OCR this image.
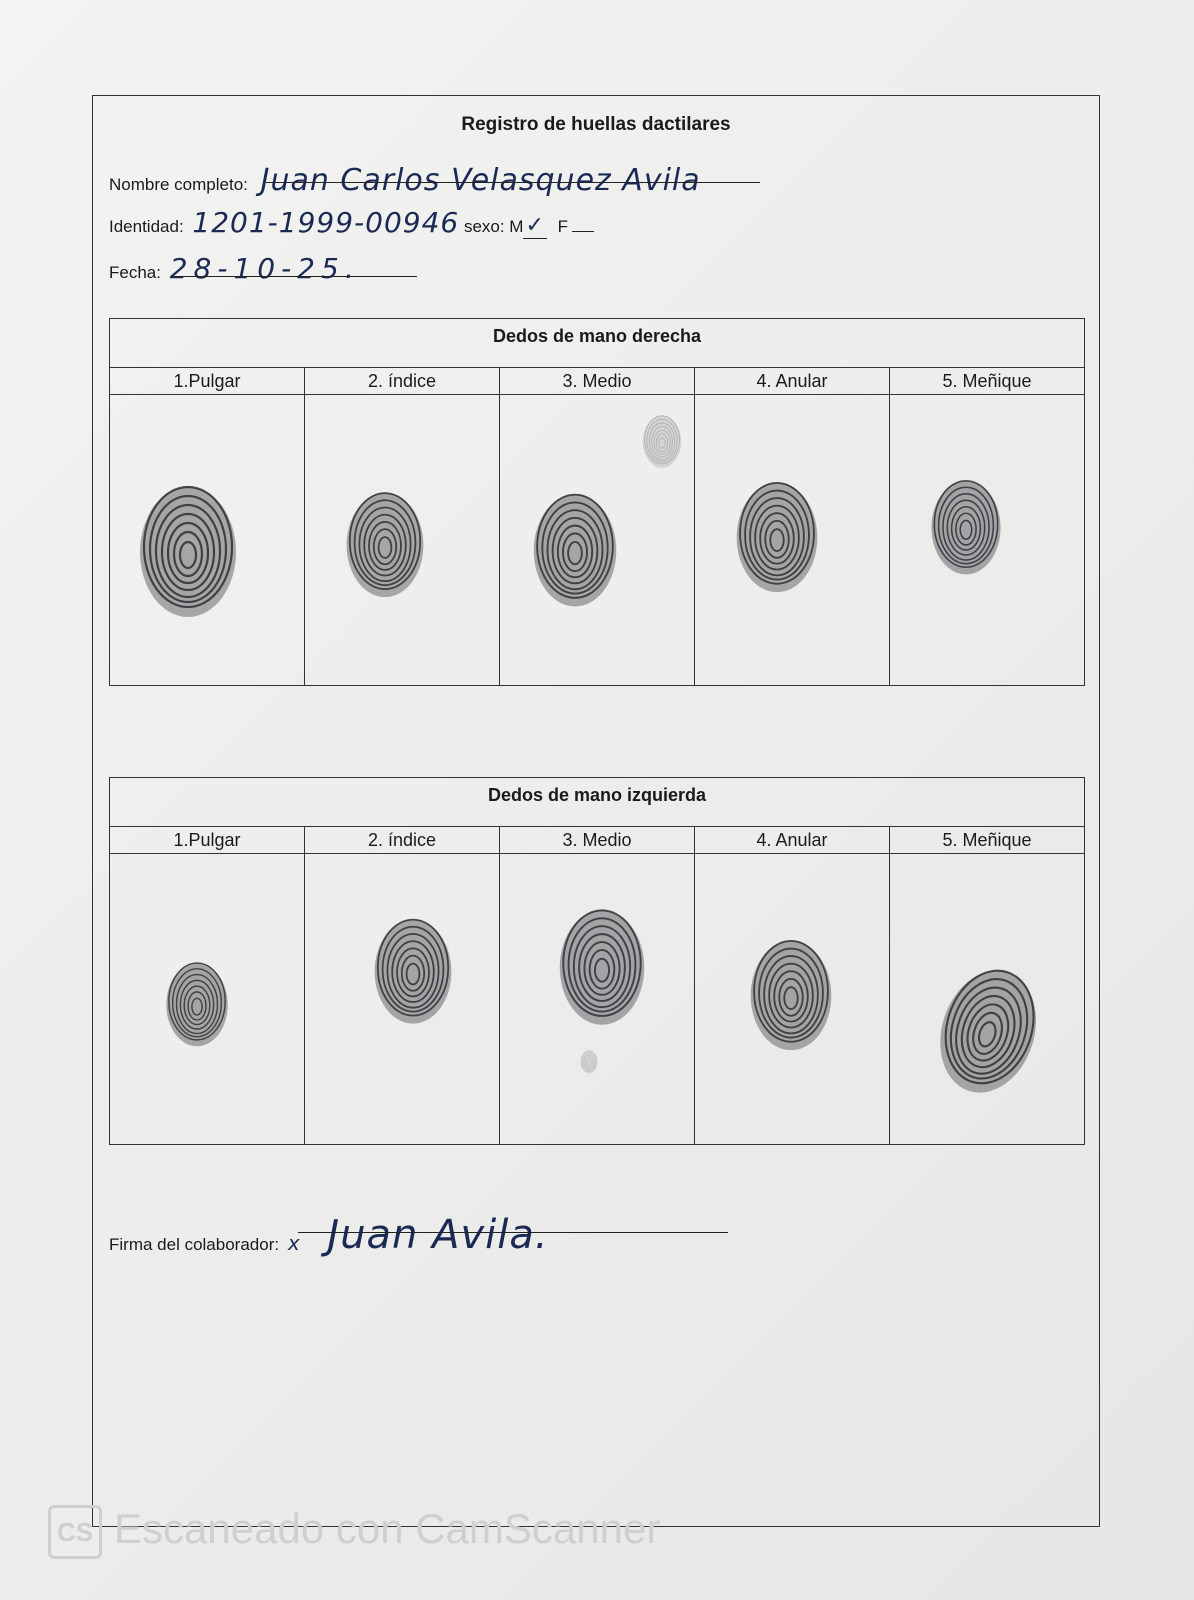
Registro de huellas dactilares
Nombre completo: Juan Carlos Velasquez Avila
Identidad: 1201-1999-00946 sexo: M✓ F
Fecha: 28-10-25.
Dedos de mano derecha
1.Pulgar	2. índice	3. Medio	4. Anular	5. Meñique
Dedos de mano izquierda
1.Pulgar	2. índice	3. Medio	4. Anular	5. Meñique
Firma del colaborador: x Juan Avila.
CS Escaneado con CamScanner
